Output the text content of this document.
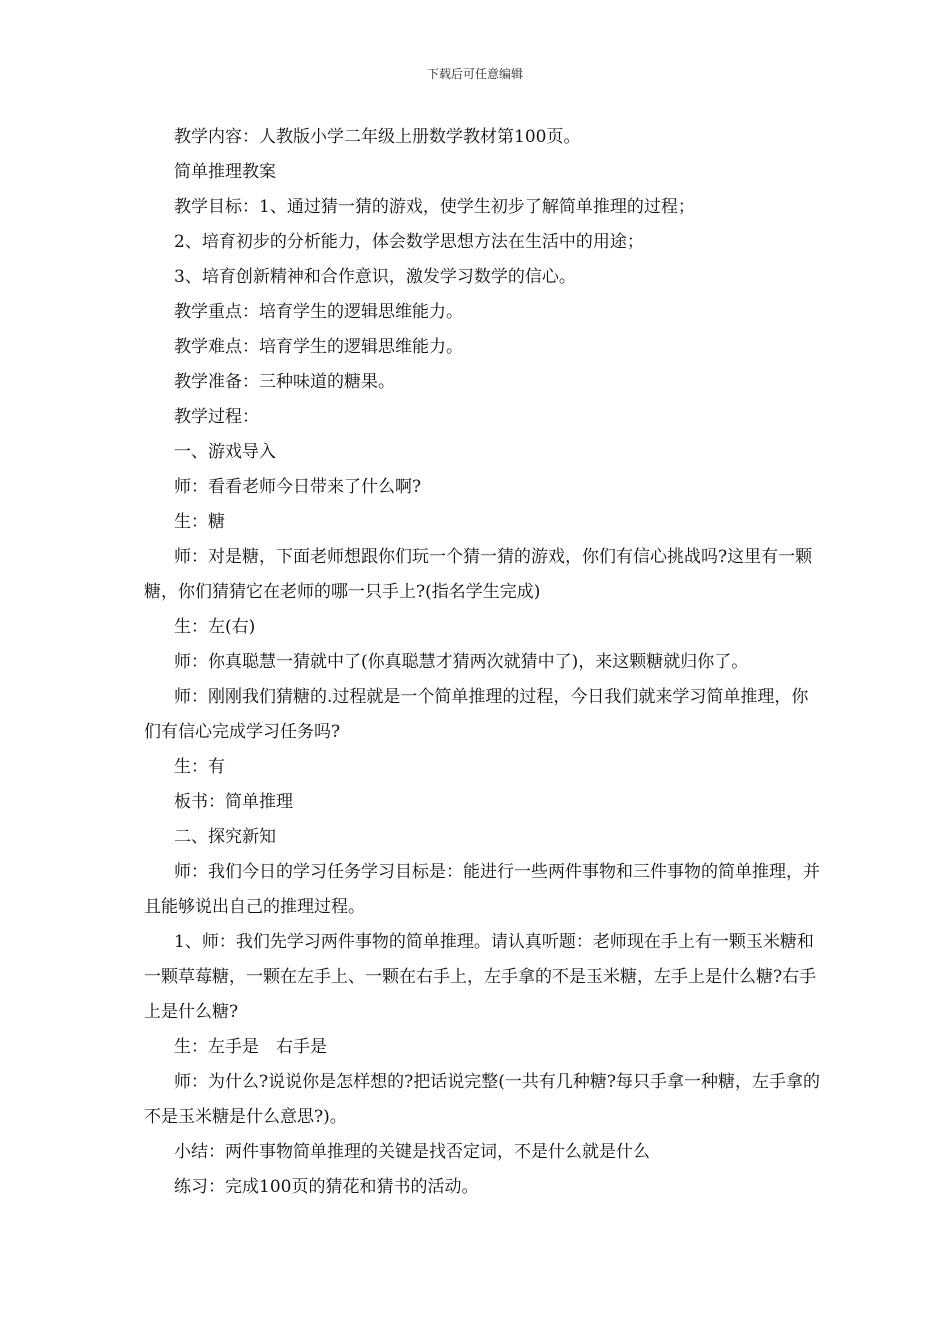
下载后可任意编辑

教学内容：人教版小学二年级上册数学教材第100页。

简单推理教案

教学目标：1、通过猜一猜的游戏，使学生初步了解简单推理的过程；

2、培育初步的分析能力，体会数学思想方法在生活中的用途；

3、培育创新精神和合作意识，激发学习数学的信心。

教学重点：培育学生的逻辑思维能力。

教学难点：培育学生的逻辑思维能力。

教学准备：三种味道的糖果。

教学过程：

一、游戏导入

师：看看老师今日带来了什么啊?

生：糖

师：对是糖，下面老师想跟你们玩一个猜一猜的游戏，你们有信心挑战吗?这里有一颗糖，你们猜猜它在老师的哪一只手上?(指名学生完成)

生：左(右)

师：你真聪慧一猜就中了(你真聪慧才猜两次就猜中了)，来这颗糖就归你了。

师：刚刚我们猜糖的.过程就是一个简单推理的过程，今日我们就来学习简单推理，你们有信心完成学习任务吗?

生：有

板书：简单推理

二、探究新知

师：我们今日的学习任务学习目标是：能进行一些两件事物和三件事物的简单推理，并且能够说出自己的推理过程。

1、师：我们先学习两件事物的简单推理。请认真听题：老师现在手上有一颗玉米糖和一颗草莓糖，一颗在左手上、一颗在右手上，左手拿的不是玉米糖，左手上是什么糖?右手上是什么糖?

生：左手是　右手是

师：为什么?说说你是怎样想的?把话说完整(一共有几种糖?每只手拿一种糖，左手拿的不是玉米糖是什么意思?)。

小结：两件事物简单推理的关键是找否定词，不是什么就是什么

练习：完成100页的猜花和猜书的活动。
